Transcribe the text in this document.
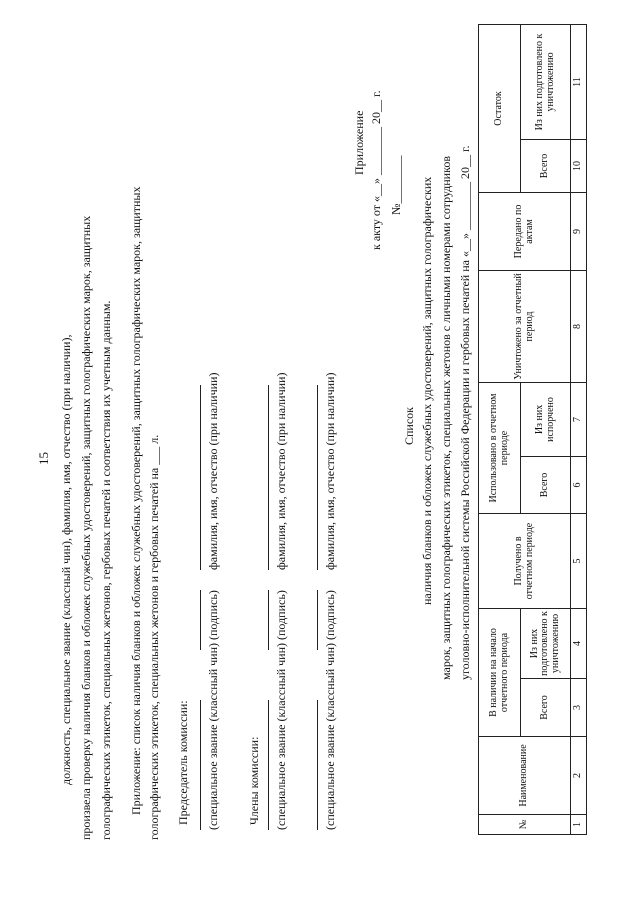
15 должность, специальное звание (классный чин), фамилия, имя, отчество (при наличии), произвела проверку наличия бланков и обложек служебных удостоверений, защитных голографических марок, защитных голографических этикеток, специальных жетонов, гербовых печатей и соответствия их учетным данным. Приложение: список наличия бланков и обложек служебных удостоверений, защитных голографических марок, защитных голографических этикеток, специальных жетонов и гербовых печатей на ___ л. Председатель комиссии: (специальное звание (классный чин)
(подпись)
фамилия, имя, отчество (при наличии)
Члены комиссии: (специальное звание (классный чин)
(подпись)
фамилия, имя, отчество (при наличии)
(специальное звание (классный чин)
(подпись)
фамилия, имя, отчество (при наличии)
Приложение к акту от «__» ________ 20__ г. №________
Список наличия бланков и обложек служебных удостоверений, защитных голографических марок, защитных голографических этикеток, специальных жетонов с личными номерами сотрудников уголовно-исполнительной системы Российской Федерации и гербовых печатей на «__» ________ 20__ г.
№	Наименование	В наличии на начало отчетного периода		Получено в отчетном периоде	Использовано в отчетном периоде		Уничтожено за отчетный период	Передано по актам	Остаток	
		Всего	Из них подготовлено к уничтожению		Всего	Из них испорчено			Всего	Из них подготовлено к уничтожению
1	2	3	4	5	6	7	8	9	10	11
